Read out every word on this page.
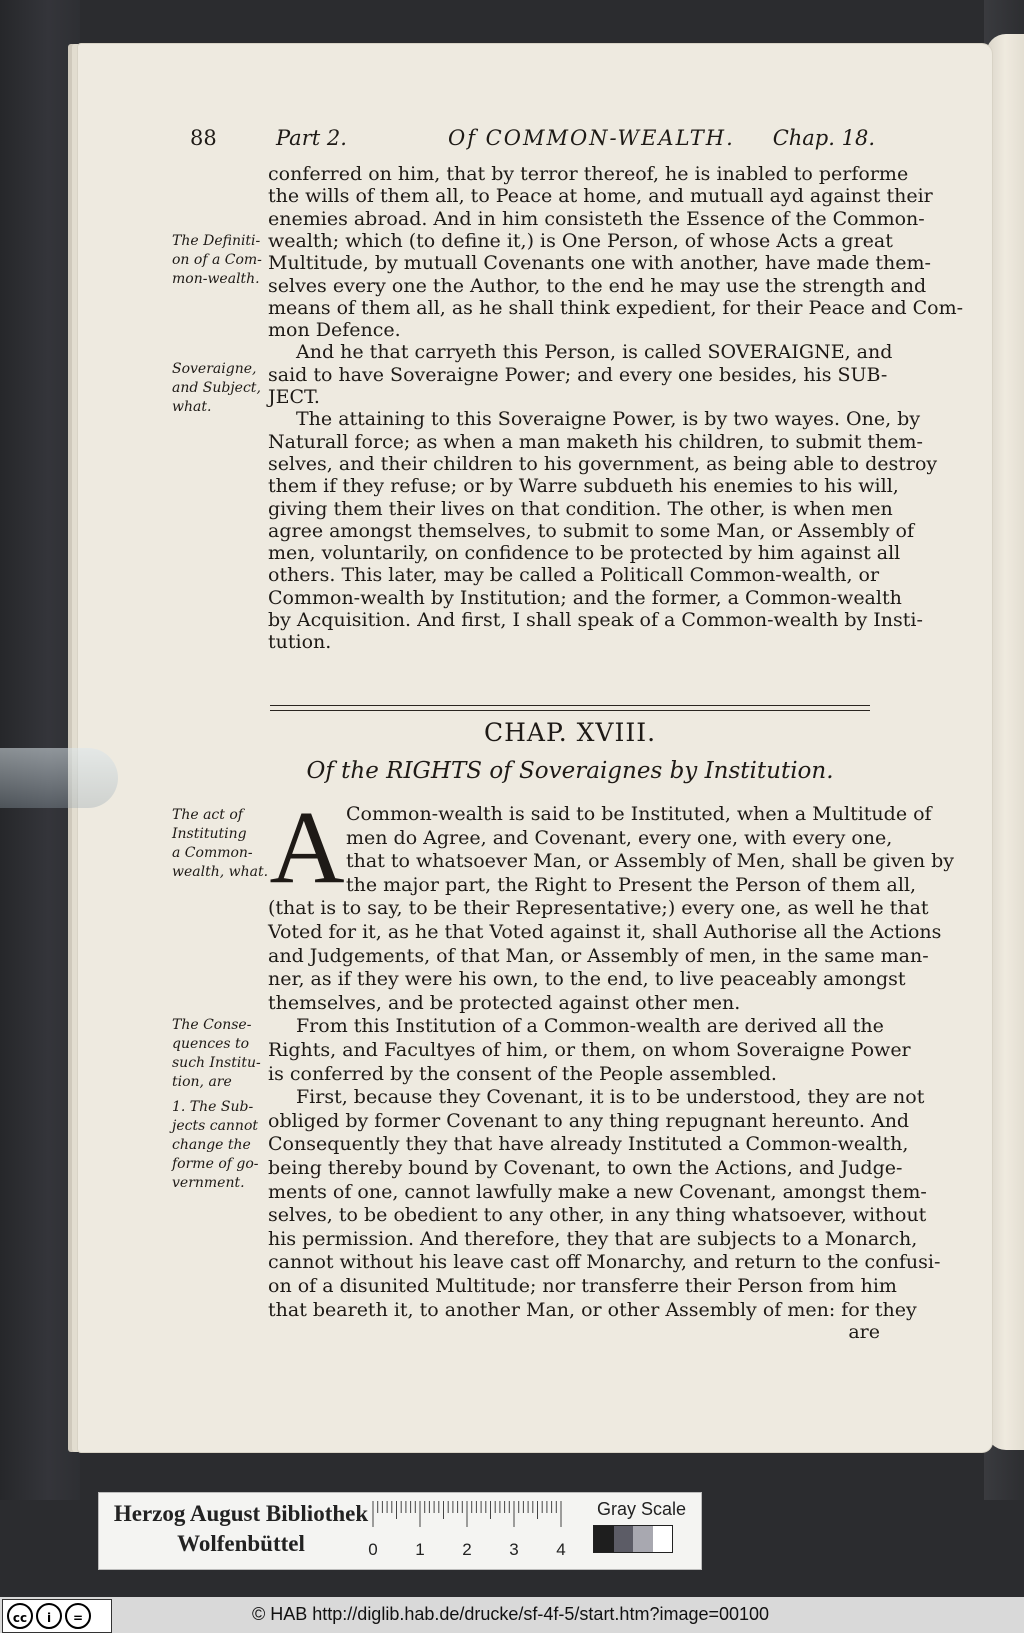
88	Part 2.	Of COMMON-WEALTH. Chap. 18.
conferred on him, that by terror thereof, he is inabled to performe
the wills of them all, to Peace at home, and mutuall ayd against their
enemies abroad. And in him consisteth the Essence of the Common-
wealth; which (to define it,) is One Person, of whose Acts a great
Multitude, by mutuall Covenants one with another, have made them-
selves every one the Author, to the end he may use the strength and
means of them all, as he shall think expedient, for their Peace and Com-
mon Defence.
And he that carryeth this Person, is called SOVERAIGNE, and
said to have Soveraigne Power; and every one besides, his SUB-
JECT.
The attaining to this Soveraigne Power, is by two wayes. One, by
Naturall force; as when a man maketh his children, to submit them-
selves, and their children to his government, as being able to destroy
them if they refuse; or by Warre subdueth his enemies to his will,
giving them their lives on that condition. The other, is when men
agree amongst themselves, to submit to some Man, or Assembly of
men, voluntarily, on confidence to be protected by him against all
others. This later, may be called a Politicall Common-wealth, or
Common-wealth by Institution; and the former, a Common-wealth
by Acquisition. And first, I shall speak of a Common-wealth by Insti-
tution.
CHAP. XVIII.
Of the RIGHTS of Soveraignes by Institution.
A Common-wealth is said to be Instituted, when a Multitude of
men do Agree, and Covenant, every one, with every one,
that to whatsoever Man, or Assembly of Men, shall be given by
the major part, the Right to Present the Person of them all,
(that is to say, to be their Representative;) every one, as well he that
Voted for it, as he that Voted against it, shall Authorise all the Actions
and Judgements, of that Man, or Assembly of men, in the same man-
ner, as if they were his own, to the end, to live peaceably amongst
themselves, and be protected against other men.
From this Institution of a Common-wealth are derived all the
Rights, and Facultyes of him, or them, on whom Soveraigne Power
is conferred by the consent of the People assembled.
First, because they Covenant, it is to be understood, they are not
obliged by former Covenant to any thing repugnant hereunto. And
Consequently they that have already Instituted a Common-wealth,
being thereby bound by Covenant, to own the Actions, and Judge-
ments of one, cannot lawfully make a new Covenant, amongst them-
selves, to be obedient to any other, in any thing whatsoever, without
his permission. And therefore, they that are subjects to a Monarch,
cannot without his leave cast off Monarchy, and return to the confusi-
on of a disunited Multitude; nor transferre their Person from him
that beareth it, to another Man, or other Assembly of men: for they
are
The Definiti-
on of a Com-
mon-wealth.
Soveraigne,
and Subject,
what.
The act of
Instituting
a Common-
wealth, what.
The Conse-
quences to
such Institu-
tion, are
1. The Sub-
jects cannot
change the
forme of go-
vernment.
Herzog August Bibliothek
Wolfenbüttel	0 1 2 3 4
Gray Scale
cc	i	=	© HAB http://diglib.hab.de/drucke/sf-4f-5/start.htm?image=00100
